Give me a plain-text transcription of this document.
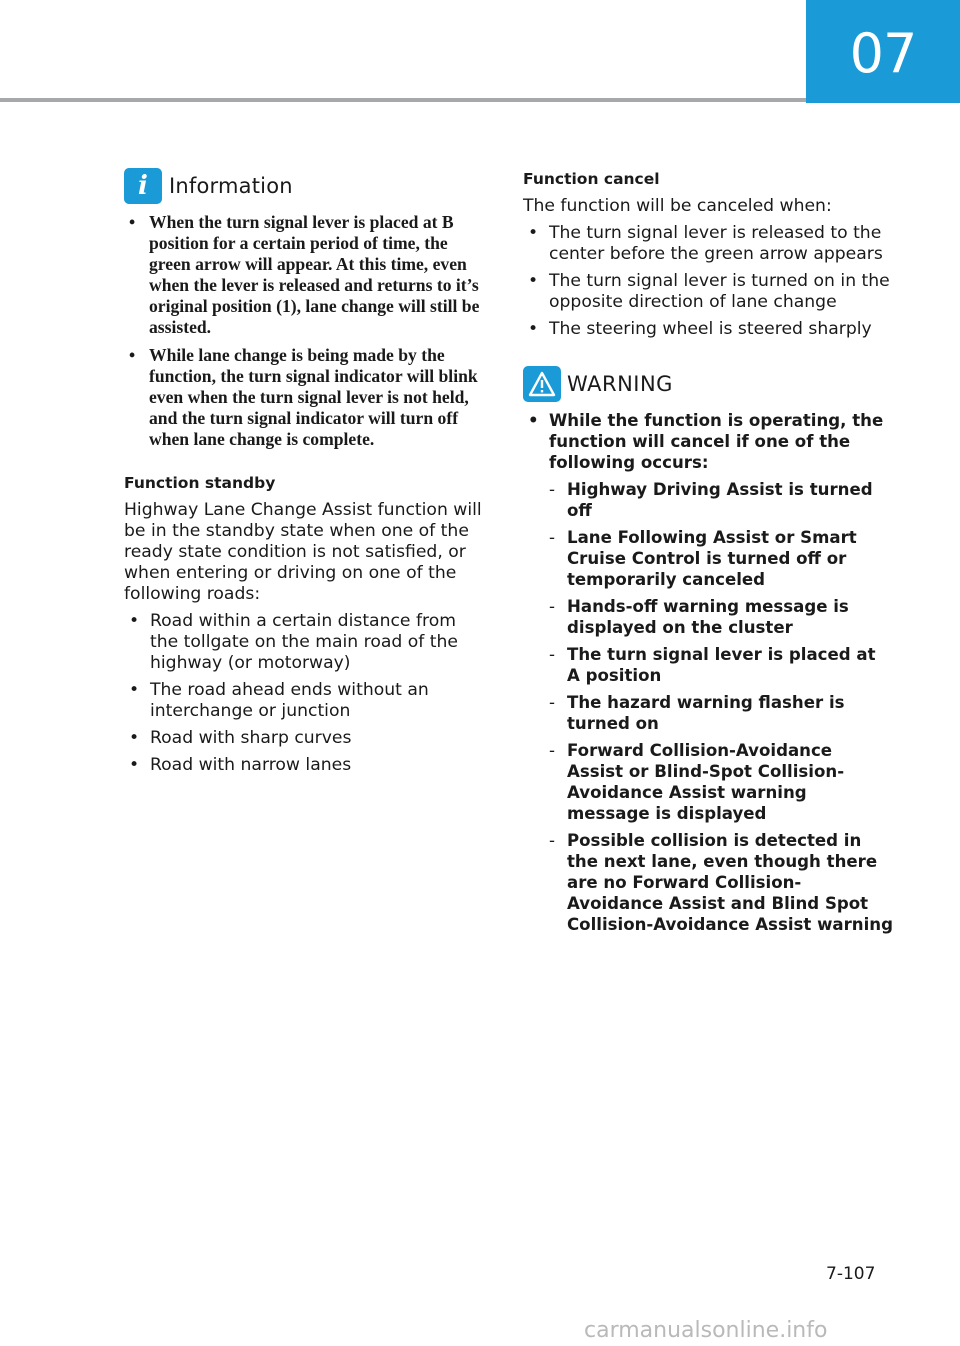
07
i	Information
• When the turn signal lever is placed at B position for a certain period of time, the green arrow will appear. At this time, even when the lever is released and returns to it’s original position (1), lane change will still be assisted.
• While lane change is being made by the function, the turn signal indicator will blink even when the turn signal lever is not held, and the turn signal indicator will turn off when lane change is complete.
Function standby
Highway Lane Change Assist function will be in the standby state when one of the ready state condition is not satisfied, or when entering or driving on one of the following roads:
• Road within a certain distance from the tollgate on the main road of the highway (or motorway)
• The road ahead ends without an interchange or junction
• Road with sharp curves
• Road with narrow lanes
Function cancel
The function will be canceled when:
• The turn signal lever is released to the center before the green arrow appears
• The turn signal lever is turned on in the opposite direction of lane change
• The steering wheel is steered sharply
WARNING
• While the function is operating, the function will cancel if one of the following occurs:
- Highway Driving Assist is turned off
- Lane Following Assist or Smart Cruise Control is turned off or temporarily canceled
- Hands-off warning message is displayed on the cluster
- The turn signal lever is placed at A position
- The hazard warning flasher is turned on
- Forward Collision-Avoidance Assist or Blind-Spot Collision-Avoidance Assist warning message is displayed
- Possible collision is detected in the next lane, even though there are no Forward Collision-Avoidance Assist and Blind Spot Collision-Avoidance Assist warning
7-107
carmanualsonline.info
